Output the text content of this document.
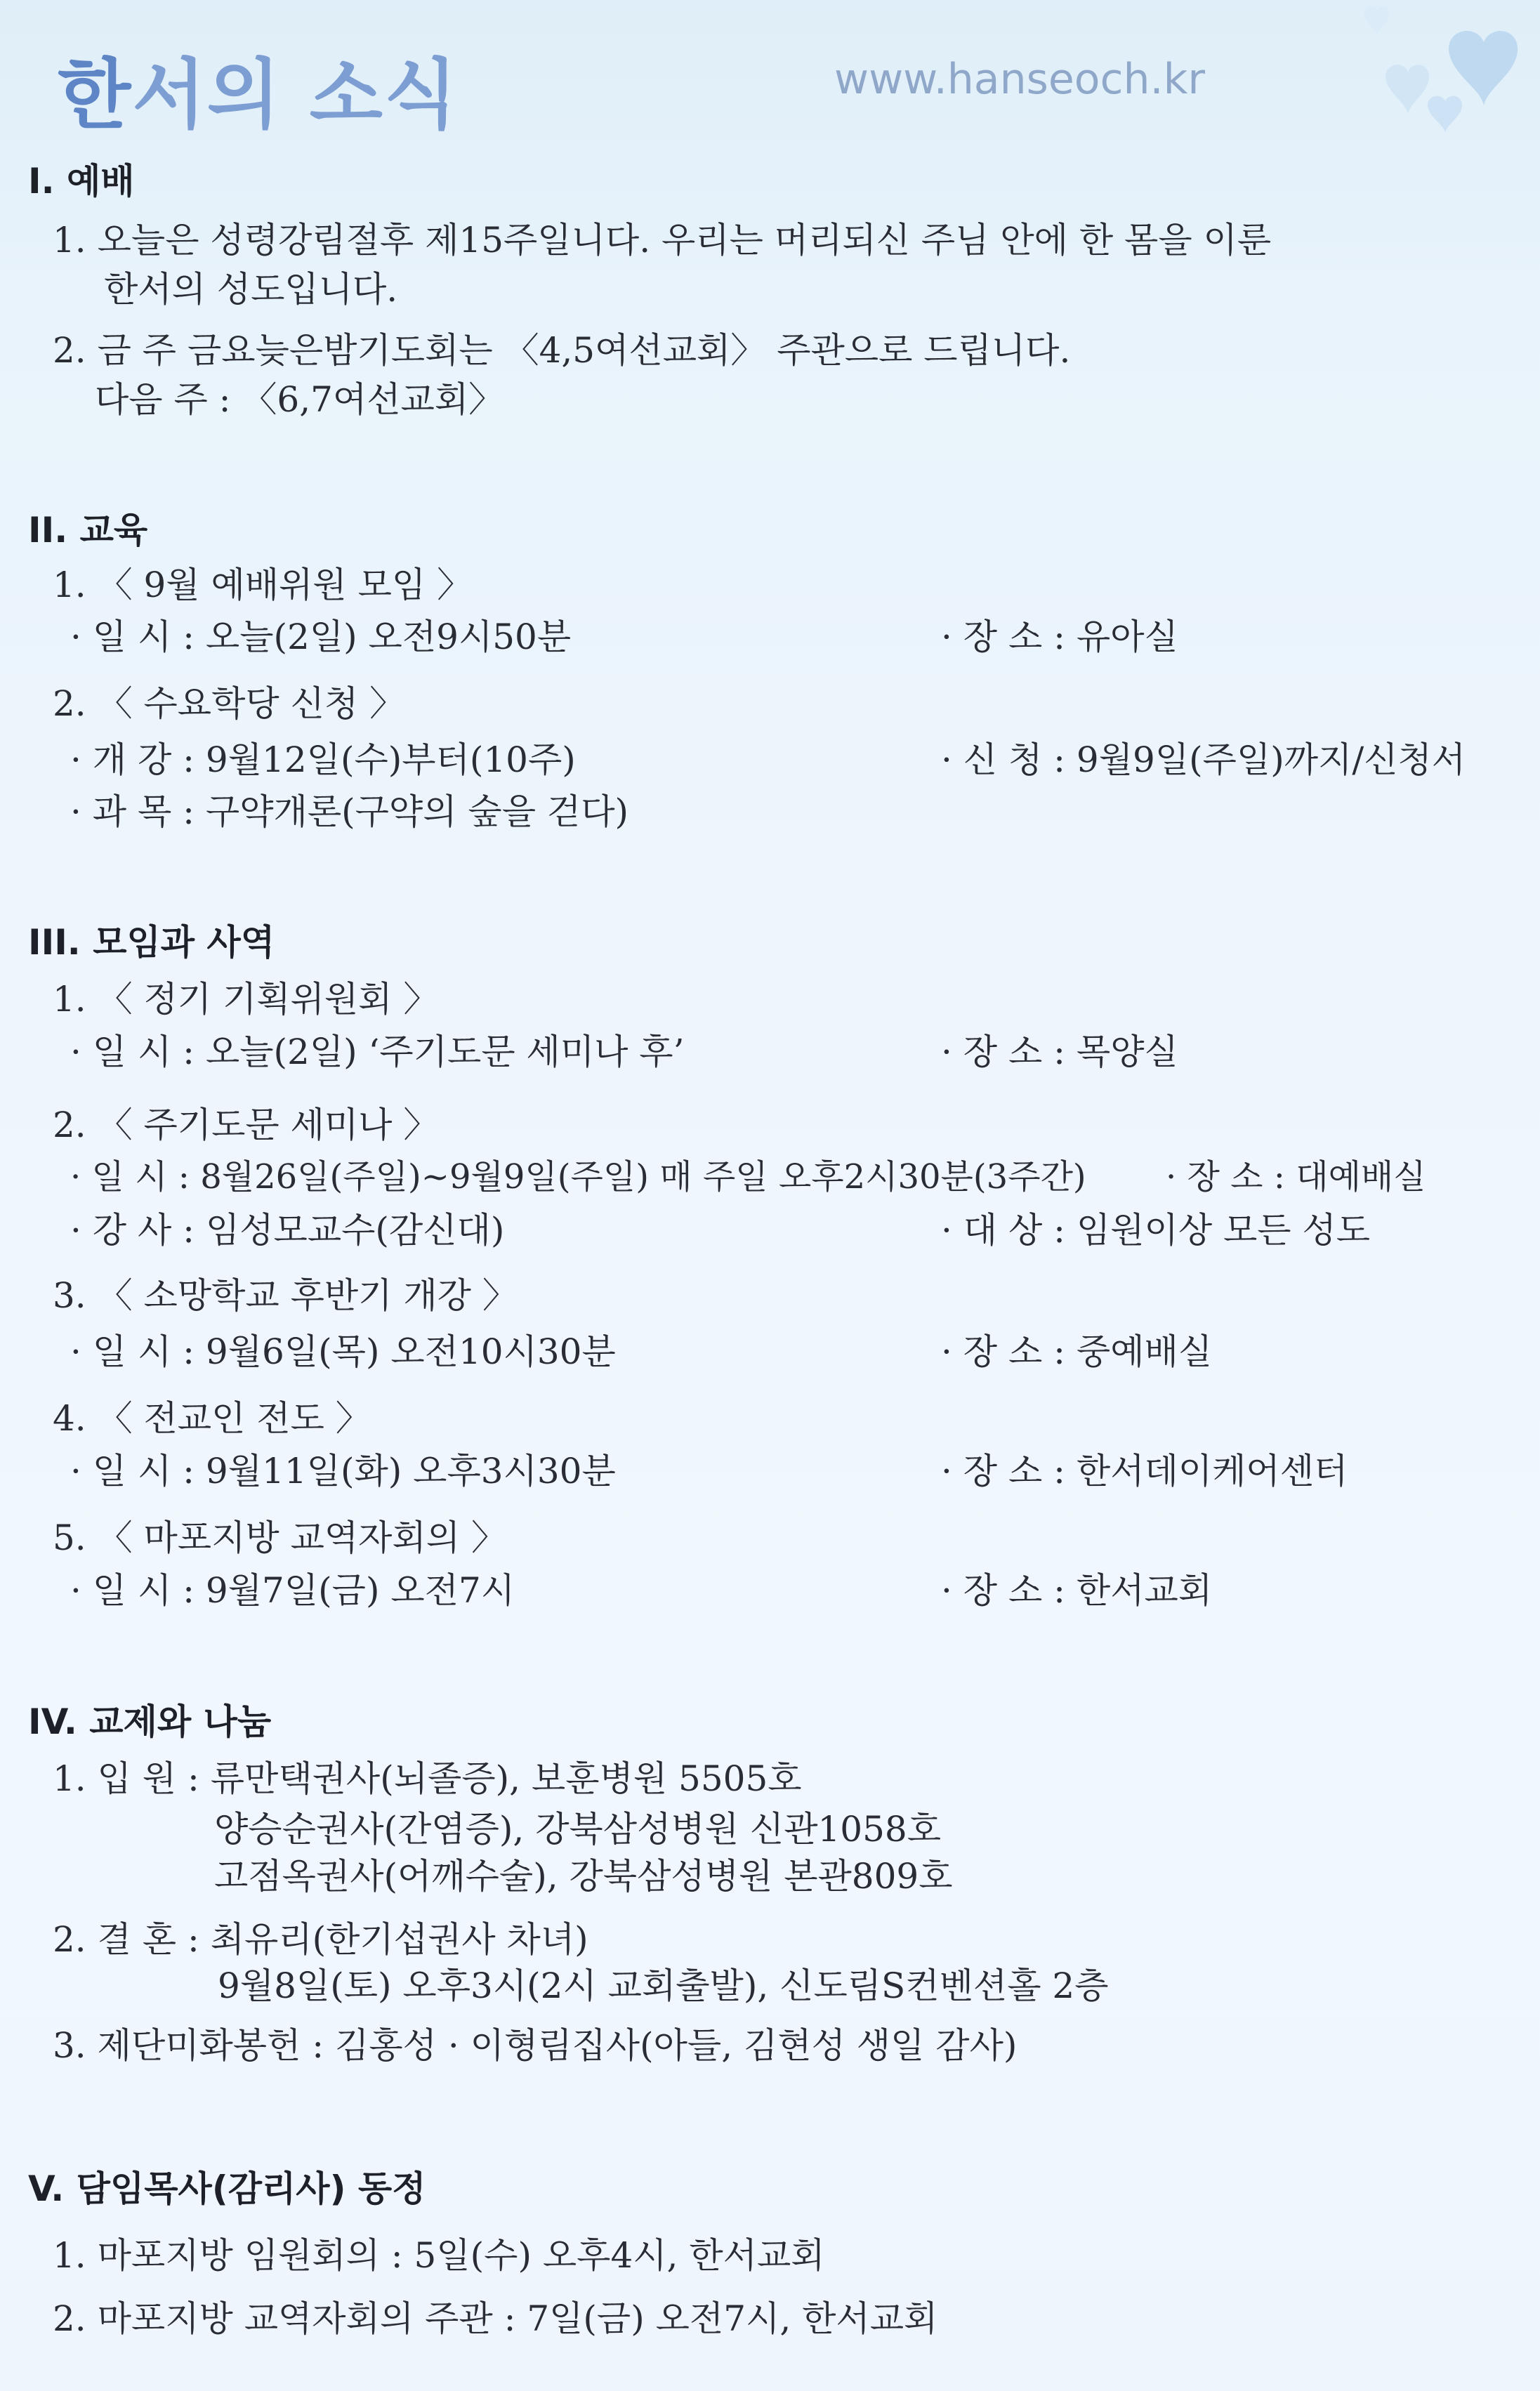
한서의 소식	www.hanseoch.kr
I. 예배
1. 오늘은 성령강림절후 제15주일니다. 우리는 머리되신 주님 안에 한 몸을 이룬
한서의 성도입니다.
2. 금 주 금요늦은밤기도회는 〈4,5여선교회〉 주관으로 드립니다.
다음 주 : 〈6,7여선교회〉
II. 교육
1. 〈 9월 예배위원 모임 〉
· 일 시 : 오늘(2일) 오전9시50분	· 장 소 : 유아실
2. 〈 수요학당 신청 〉
· 개 강 : 9월12일(수)부터(10주)	· 신 청 : 9월9일(주일)까지/신청서
· 과 목 : 구약개론(구약의 숲을 걷다)
III. 모임과 사역
1. 〈 정기 기획위원회 〉
· 일 시 : 오늘(2일) ‘주기도문 세미나 후’	· 장 소 : 목양실
2. 〈 주기도문 세미나 〉
· 일 시 : 8월26일(주일)~9월9일(주일) 매 주일 오후2시30분(3주간) · 장 소 : 대예배실
· 강 사 : 임성모교수(감신대)	· 대 상 : 임원이상 모든 성도
3. 〈 소망학교 후반기 개강 〉
· 일 시 : 9월6일(목) 오전10시30분	· 장 소 : 중예배실
4. 〈 전교인 전도 〉
· 일 시 : 9월11일(화) 오후3시30분	· 장 소 : 한서데이케어센터
5. 〈 마포지방 교역자회의 〉
· 일 시 : 9월7일(금) 오전7시	· 장 소 : 한서교회
IV. 교제와 나눔
1. 입 원 : 류만택권사(뇌졸증), 보훈병원 5505호
양승순권사(간염증), 강북삼성병원 신관1058호
고점옥권사(어깨수술), 강북삼성병원 본관809호
2. 결 혼 : 최유리(한기섭권사 차녀)
9월8일(토) 오후3시(2시 교회출발), 신도림S컨벤션홀 2층
3. 제단미화봉헌 : 김홍성 · 이형림집사(아들, 김현성 생일 감사)
V. 담임목사(감리사) 동정
1. 마포지방 임원회의 : 5일(수) 오후4시, 한서교회
2. 마포지방 교역자회의 주관 : 7일(금) 오전7시, 한서교회
